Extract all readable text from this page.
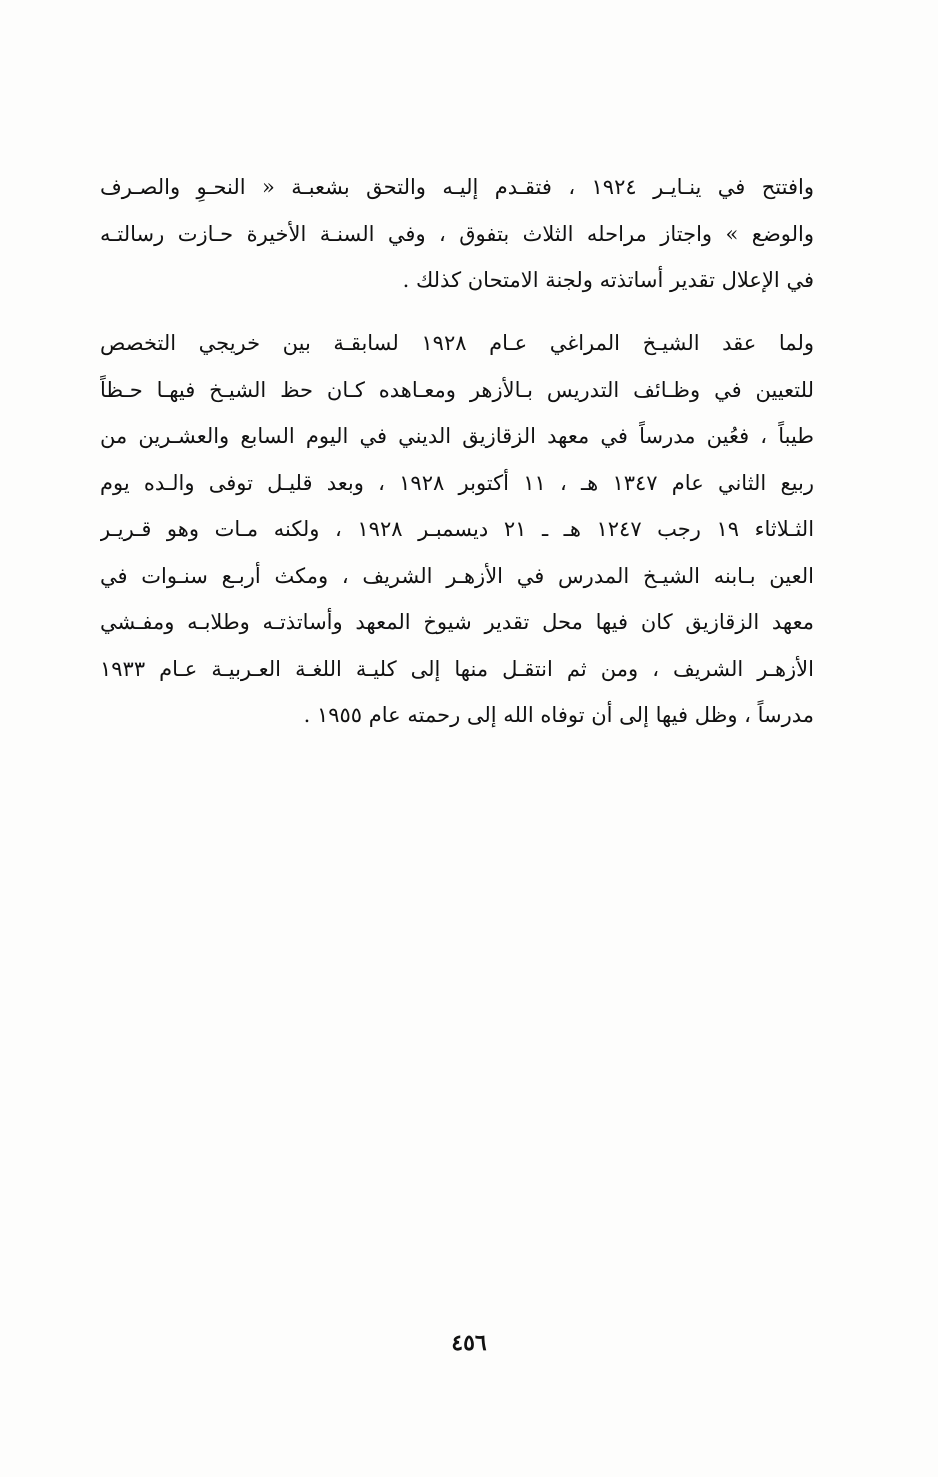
وافتتح في ينـايـر ١٩٢٤ ، فتقـدم إليـه والتحق بشعبـة « النحـوِ والصـرف
والوضع » واجتاز مراحله الثلاث بتفوق ، وفي السنـة الأخيرة حـازت رسالتـه
في الإعلال تقدير أساتذته ولجنة الامتحان كذلك .
ولما عقد الشيـخ المراغي عـام ١٩٢٨ لسابقـة بين خريجي التخصص
للتعيين في وظـائف التدريس بـالأزهر ومعـاهده كـان حظ الشيـخ فيهـا حـظاً
طيباً ، فعُين مدرساً في معهد الزقازيق الديني في اليوم السابع والعشـرين من
ربيع الثاني عام ١٣٤٧ هـ ، ١١ أكتوبر ١٩٢٨ ، وبعد قليـل توفى والـده يوم
الثـلاثاء ١٩ رجب ١٢٤٧ هـ ـ ٢١ ديسمبـر ١٩٢٨ ، ولكنه مـات وهو قـريـر
العين بـابنه الشيـخ المدرس في الأزهـر الشريف ، ومكث أربـع سنـوات في
معهد الزقازيق كان فيها محل تقدير شيوخ المعهد وأساتذتـه وطلابـه ومفـشي
الأزهـر الشريف ، ومن ثم انتقـل منها إلى كليـة اللغـة العـربيـة عـام ١٩٣٣
مدرساً ، وظل فيها إلى أن توفاه الله إلى رحمته عام ١٩٥٥ .
٤٥٦
